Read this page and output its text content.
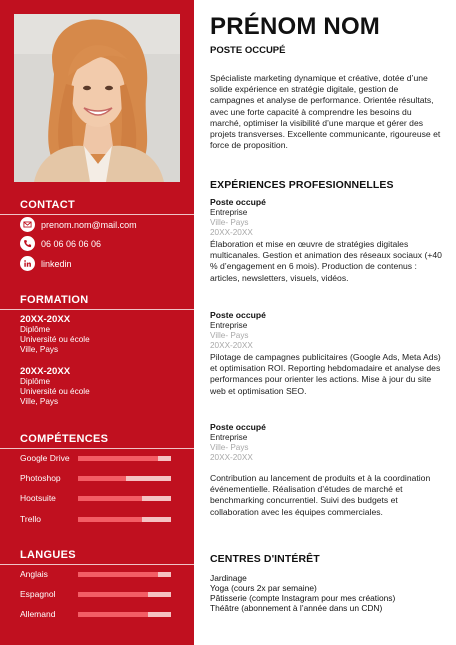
CONTACT
prenom.nom@mail.com
06 06 06 06 06
linkedin
FORMATION
20XX-20XX
Diplôme
Université ou école
Ville, Pays
20XX-20XX
Diplôme
Université ou école
Ville, Pays
COMPÉTENCES
Google Drive
Photoshop
Hootsuite
Trello
LANGUES
Anglais
Espagnol
Allemand
PRÉNOM NOM
POSTE OCCUPÉ
Spécialiste marketing dynamique et créative, dotée d’une solide expérience en stratégie digitale, gestion de campagnes et analyse de performance. Orientée résultats, avec une forte capacité à comprendre les besoins du marché, optimiser la visibilité d’une marque et gérer des projets transverses. Excellente communicante, rigoureuse et force de proposition.
EXPÉRIENCES PROFESIONNELLES
Poste occupé
Entreprise
Ville- Pays
20XX-20XX
Élaboration et mise en œuvre de stratégies digitales multicanales. Gestion et animation des réseaux sociaux (+40 % d’engagement en 6 mois). Production de contenus : articles, newsletters, visuels, vidéos.
Poste occupé
Entreprise
Ville- Pays
20XX-20XX
Pilotage de campagnes publicitaires (Google Ads, Meta Ads) et optimisation ROI. Reporting hebdomadaire et analyse des performances pour orienter les actions. Mise à jour du site web et optimisation SEO.
Poste occupé
Entreprise
Ville- Pays
20XX-20XX
Contribution au lancement de produits et à la coordination événementielle. Réalisation d’études de marché et benchmarking concurrentiel. Suivi des budgets et collaboration avec les équipes commerciales.
CENTRES D'INTÉRÊT
Jardinage
Yoga (cours 2x par semaine)
Pâtisserie (compte Instagram pour mes créations)
Théâtre (abonnement à l’année dans un CDN)
